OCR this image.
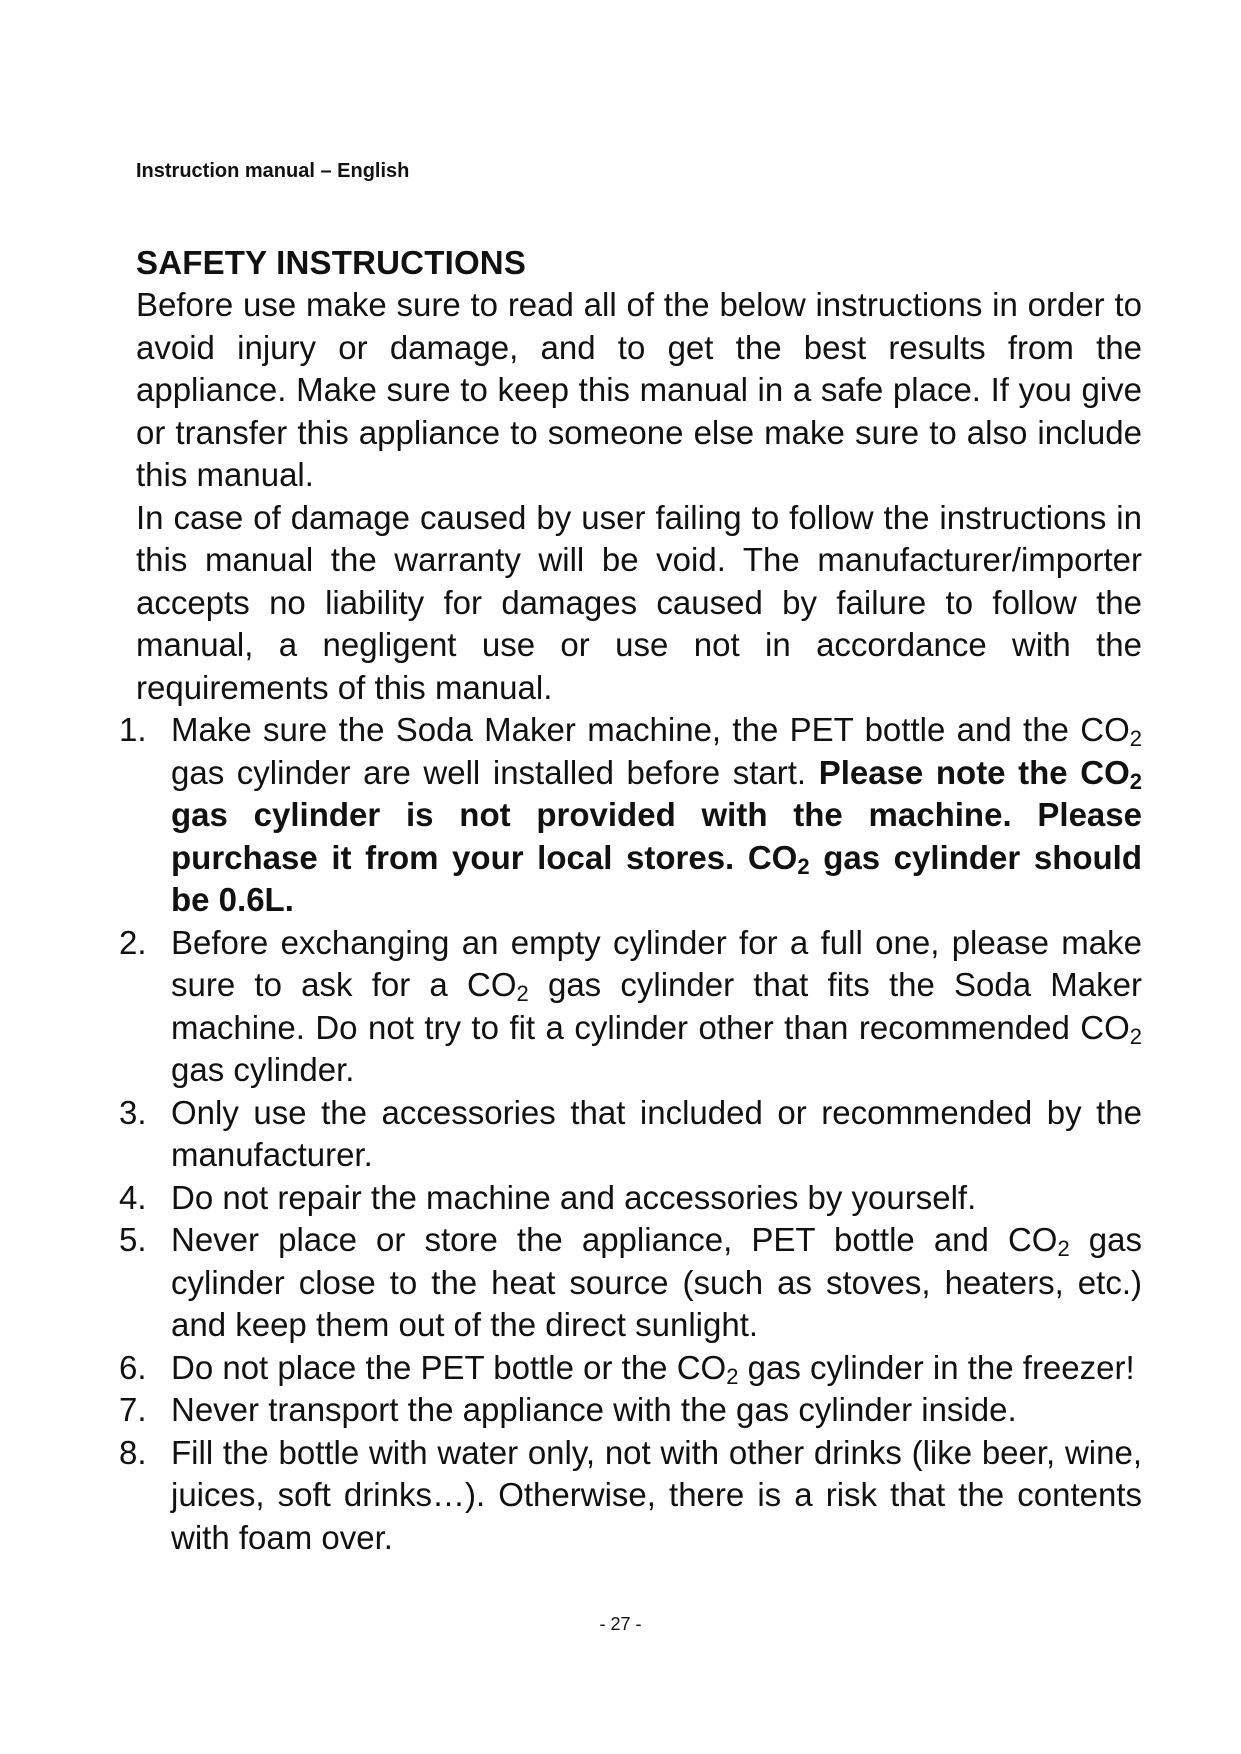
Instruction manual – English
SAFETY INSTRUCTIONS

Before use make sure to read all of the below instructions in order to avoid injury or damage, and to get the best results from the appliance. Make sure to keep this manual in a safe place. If you give or transfer this appliance to someone else make sure to also include this manual.

In case of damage caused by user failing to follow the instructions in this manual the warranty will be void. The manufacturer/importer accepts no liability for damages caused by failure to follow the manual, a negligent use or use not in accordance with the requirements of this manual.

1. Make sure the Soda Maker machine, the PET bottle and the $CO_2$ gas cylinder are well installed before start. Please note the $CO_2$ gas cylinder is not provided with the machine. Please purchase it from your local stores. $CO_2$ gas cylinder should be 0.6L.
2. Before exchanging an empty cylinder for a full one, please make sure to ask for a $CO_2$ gas cylinder that fits the Soda Maker machine. Do not try to fit a cylinder other than recommended $CO_2$ gas cylinder.
3. Only use the accessories that included or recommended by the manufacturer.
4. Do not repair the machine and accessories by yourself.
5. Never place or store the appliance, PET bottle and $CO_2$ gas cylinder close to the heat source (such as stoves, heaters, etc.) and keep them out of the direct sunlight.
6. Do not place the PET bottle or the $CO_2$ gas cylinder in the freezer!
7. Never transport the appliance with the gas cylinder inside.
8. Fill the bottle with water only, not with other drinks (like beer, wine, juices, soft drinks…). Otherwise, there is a risk that the contents with foam over.
- 27 -
